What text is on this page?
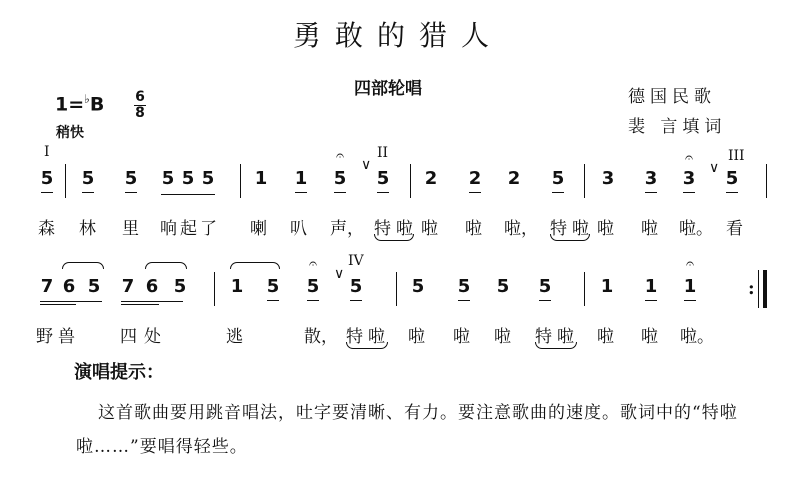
勇敢的猎人
四部轮唱	德国民歌
裴 言填词
1=♭B 6
8
稍快
I	II	III
IV
∨	∨
∨
5 5 5 5 5 5 1 1 5 5 2 2 2 5 3 3 3 5
𝄐	𝄐
森 林 里 响 起 了 喇 叭 声， 特 啦 啦 啦 啦， 特 啦 啦 啦 啦。 看
7 6 5 7 6 5 1 5 5 5	5 5 5 5	1 1 1
𝄐	𝄐
:
野 兽	四 处	逃	散， 特 啦 啦 啦 啦 特 啦 啦 啦 啦。
演唱提示：
这首歌曲要用跳音唱法，吐字要清晰、有力。要注意歌曲的速度。歌词中的“特啦啦……”要唱得轻些。
